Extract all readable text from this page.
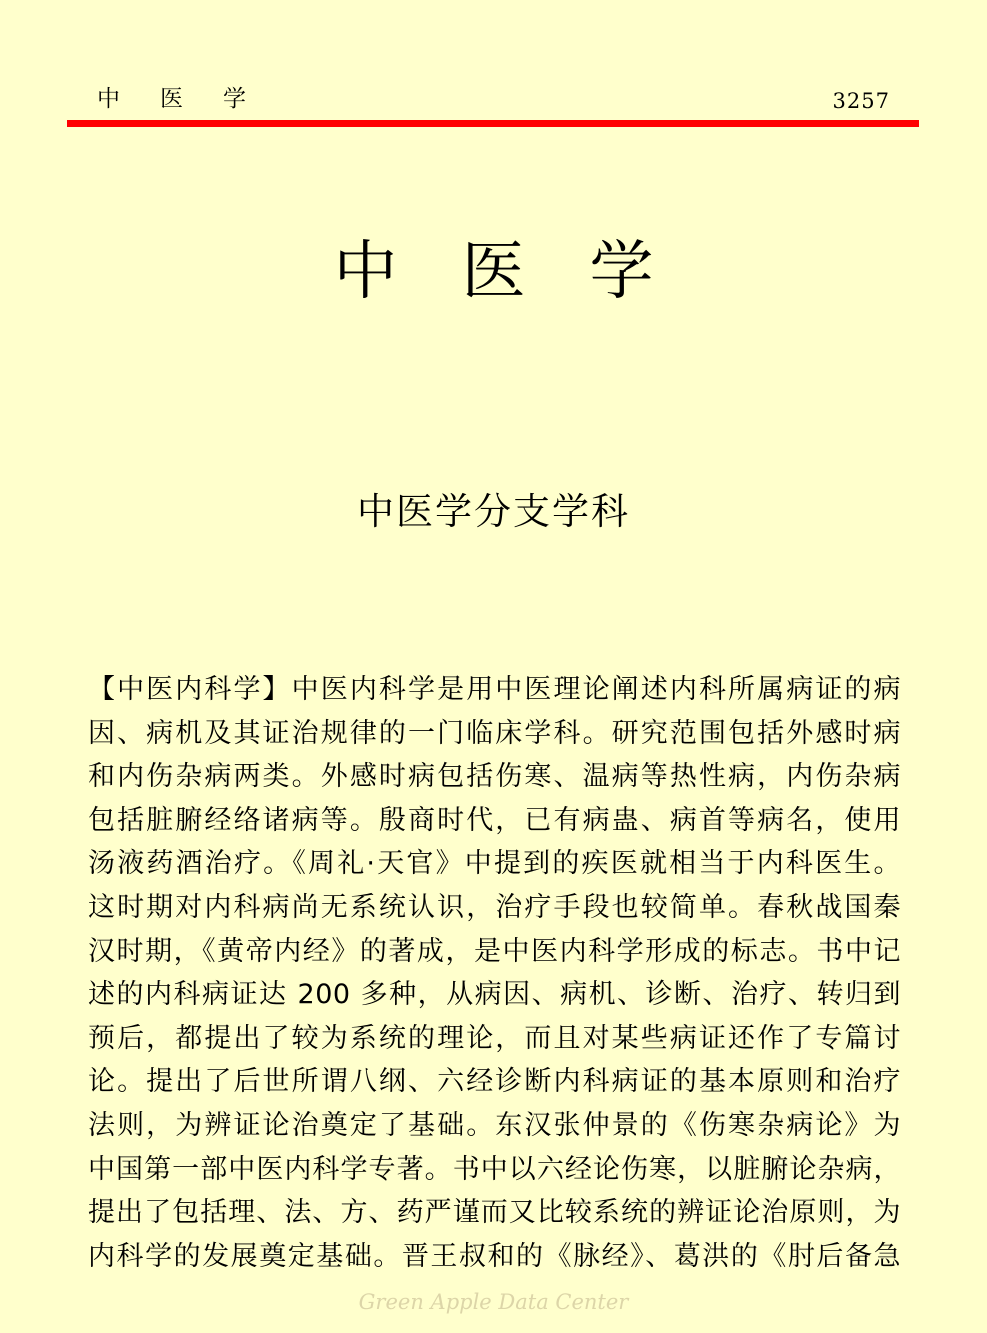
中医学	3257
中医学
中医学分支学科
【中医内科学】中医内科学是用中医理论阐述内科所属病证的病
因、病机及其证治规律的一门临床学科。研究范围包括外感时病
和内伤杂病两类。外感时病包括伤寒、温病等热性病，内伤杂病
包括脏腑经络诸病等。殷商时代，已有病蛊、病首等病名，使用
汤液药酒治疗。《周礼·天官》中提到的疾医就相当于内科医生。
这时期对内科病尚无系统认识，治疗手段也较简单。春秋战国秦
汉时期，《黄帝内经》的著成，是中医内科学形成的标志。书中记
述的内科病证达 200 多种，从病因、病机、诊断、治疗、转归到
预后，都提出了较为系统的理论，而且对某些病证还作了专篇讨
论。提出了后世所谓八纲、六经诊断内科病证的基本原则和治疗
法则，为辨证论治奠定了基础。东汉张仲景的《伤寒杂病论》为
中国第一部中医内科学专著。书中以六经论伤寒，以脏腑论杂病，
提出了包括理、法、方、药严谨而又比较系统的辨证论治原则，为
内科学的发展奠定基础。晋王叔和的《脉经》、葛洪的《肘后备急
Green Apple Data Center
